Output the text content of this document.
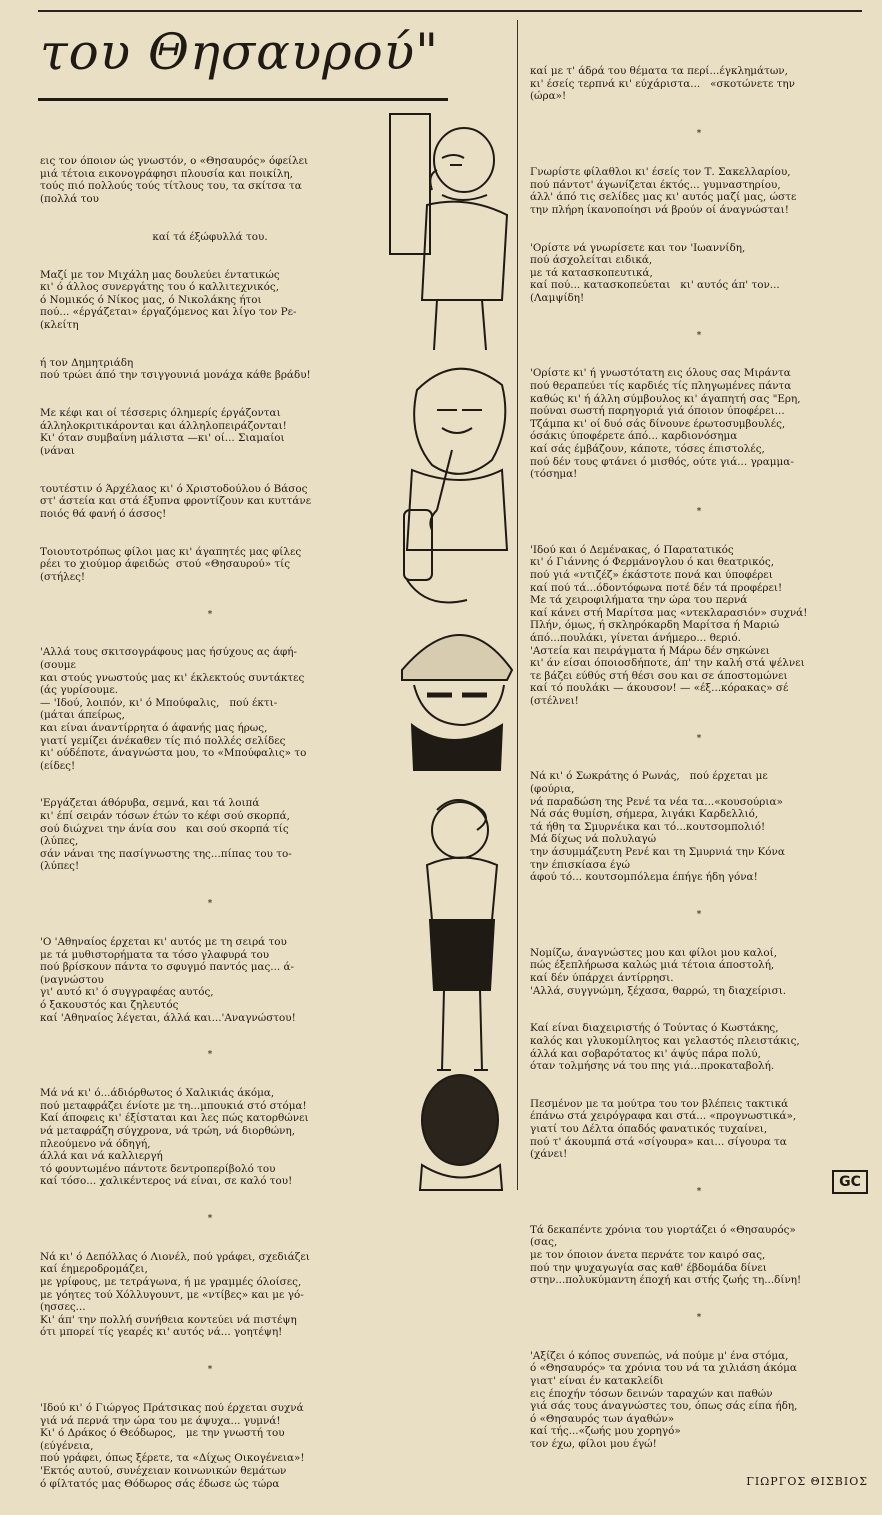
του Θησαυρού"

εις τον όποιον ώς γνωστόν, ο «Θησαυρός» όφείλει
μιά τέτοια εικονογράφησι πλουσία και ποικίλη,
τούς πιό πολλούς τούς τίτλους του, τα σκίτσα τα
(πολλά του

καί τά έξώφυλλά του.

Μαζί με τον Μιχάλη μας δουλεύει έντατικώς
κι' ό άλλος συνεργάτης του ό καλλιτεχνικός,
ό Νομικός ό Νίκος μας, ό Νικολάκης ήτοι
πού... «έργάζεται» έργαζόμενος και λίγο τον Ρε-
(κλείτη

ή τον Δημητριάδη
πού τρώει άπό την τσιγγουνιά μονάχα κάθε βράδυ!

Με κέφι και οί τέσσερις όλημερίς έργάζονται
άλληλοκριτικάρονται και άλληλοπειράζονται!
Κι' όταν συμβαίνη μάλιστα —κι' οί... Σιαμαίοι
(νάναι

τουτέστιν ό Άρχέλαος κι' ό Χριστοδούλου ό Βάσος
στ' άστεία και στά έξυπνα φροντίζουν και κυττάνε
ποιός θά φανή ό άσσος!

Τοιουτοτρόπως φίλοι μας κι' άγαπητές μας φίλες
ρέει το χιούμορ άφειδώς  στού «Θησαυρού» τίς
(στήλες!

*

'Αλλά τους σκιτσογράφους μας ήσύχους ας άφή-
(σουμε
και στούς γνωστούς μας κι' έκλεκτούς συντάκτες
(άς γυρίσουμε.
— 'Ιδού, λοιπόν, κι' ό Μπούφαλις,   πού έκτι-
(μάται άπείρως,
και είναι άναντίρρητα ό άφανής μας ήρως,
γιατί γεμίζει άνέκαθεν τίς πιό πολλές σελίδες
κι' ούδέποτε, άναγνώστα μου, το «Μπούφαλις» το
(είδες!

'Εργάζεται άθόρυβα, σεμνά, και τά λοιπά
κι' έπί σειράν τόσων έτών το κέφι σού σκορπά,
σού διώχνει την άνία σου   και σού σκορπά τίς
(λύπες,
σάν νάναι της πασίγνωστης της...πίπας του το-
(λύπες!

*

'Ο 'Αθηναίος έρχεται κι' αυτός με τη σειρά του
με τά μυθιστορήματα τα τόσο γλαφυρά του
πού βρίσκουν πάντα το σφυγμό παντός μας... ά-
(ναγνώστου
γι' αυτό κι' ό συγγραφέας αυτός,
ό ξακουστός και ζηλευτός
καί 'Αθηναίος λέγεται, άλλά και...'Αναγνώστου!

*

Μά νά κι' ό...άδιόρθωτος ό Χαλικιάς άκόμα,
πού μεταφράζει ένίοτε με τη...μπουκιά στό στόμα!
Καί άποφεις κι' έξίσταται και λες πώς κατορθώνει
νά μεταφράζη σύγχρονα, νά τρώη, νά διορθώνη,
πλεούμενο νά όδηγή,
άλλά και νά καλλιεργή
τό φουντωμένο πάντοτε δεντροπερίβολό του
καί τόσο... χαλικέντερος νά είναι, σε καλό του!

*

Νά κι' ό Δεπόλλας ό Λιονέλ, πού γράφει, σχεδιάζει
καί έημεροδρομάζει,
με γρίφους, με τετράγωνα, ή με γραμμές όλοίσες,
με γόητες τού Χόλλυγουντ, με «ντίβες» και με γό-
(ησσες...
Κι' άπ' την πολλή συνήθεια κοντεύει νά πιστέψη
ότι μπορεί τίς γεαρές κι' αυτός νά... γοητέψη!

*

'Ιδού κι' ό Γιώργος Πράτσικας πού έρχεται συχνά
γιά νά περνά την ώρα του με άψυχα... γυμνά!
Κι' ό Δράκος ό Θεόδωρος,   με την γνωστή του
(εύγένεια,
πού γράφει, όπως ξέρετε, τα «Δίχως Οικογένεια»!
'Εκτός αυτού, συνέχειαν κοινωνικών θεμάτων
ό φίλτατός μας Θόδωρος σάς έδωσε ώς τώρα

καί με τ' άδρά του θέματα τα περί...έγκλημάτων,
κι' έσείς τερπνά κι' εύχάριστα...   «σκοτώνετε την
(ώρα»!

*

Γνωρίστε φίλαθλοι κι' έσείς τον Τ. Σακελλαρίου,
πού πάντοτ' άγωνίζεται έκτός... γυμναστηρίου,
άλλ' άπό τις σελίδες μας κι' αυτός μαζί μας, ώστε
την πλήρη ίκανοποίησι νά βρούν οί άναγνώσται!

'Ορίστε νά γνωρίσετε και τον 'Ιωαννίδη,
πού άσχολείται ειδικά,
με τά κατασκοπευτικά,
καί πού... κατασκοπεύεται   κι' αυτός άπ' τον...
(Λαμψίδη!

*

'Ορίστε κι' ή γνωστότατη εις όλους σας Μιράντα
πού θεραπεύει τίς καρδιές τίς πληγωμένες πάντα
καθώς κι' ή άλλη σύμβουλος κι' άγαπητή σας "Ερη,
πούναι σωστή παρηγοριά γιά όποιον ύποφέρει...
Τζάμπα κι' οί δυό σάς δίνουνε έρωτοσυμβουλές,
όσάκις ύποφέρετε άπό... καρδιονόσημα
καί σάς έμβάζουν, κάποτε, τόσες έπιστολές,
πού δέν τους φτάνει ό μισθός, ούτε γιά... γραμμα-
(τόσημα!

*

'Ιδού και ό Δεμένακας, ό Παρατατικός
κι' ό Γιάννης ό Φερμάνογλου ό και θεατρικός,
πού γιά «ντιζέζ» έκάστοτε πονά και ύποφέρει
καί πού τά...όδοντόφωνα ποτέ δέν τά προφέρει!
Με τά χειροφιλήματα την ώρα του περνά
καί κάνει στή Μαρίτσα μας «ντεκλαρασιόν» συχνά!
Πλήν, όμως, ή σκληρόκαρδη Μαρίτσα ή Μαριώ
άπό...πουλάκι, γίνεται άνήμερο... θεριό.
'Αστεία και πειράγματα ή Μάρω δέν σηκώνει
κι' άν είσαι όποιοσδήποτε, άπ' την καλή στά ψέλνει
τε βάζει εύθύς στή θέσι σου και σε άποστομώνει
καί τό πουλάκι — άκουσον! — «έξ...κόρακας» σέ
(στέλνει!

*

Νά κι' ό Σωκράτης ό Ρωνάς,   πού έρχεται με
(φούρια,
νά παραδώση της Ρενέ τα νέα τα...«κουσούρια»
Νά σάς θυμίση, σήμερα, λιγάκι Καρδελλιό,
τά ήθη τα Σμυρνέικα και τό...κουτσομπολιό!
Μά δίχως νά πολυλαγώ
την άσυμμάζευτη Ρενέ και τη Σμυρνιά την Κόνα
την έπισκίασα έγώ
άφού τό... κουτσομπόλεμα έπήγε ήδη γόνα!

*

Νομίζω, άναγνώστες μου και φίλοι μου καλοί,
πώς έξεπλήρωσα καλώς μιά τέτοια άποστολή,
καί δέν ύπάρχει άντίρρησι.
'Αλλά, συγγνώμη, ξέχασα, θαρρώ, τη διαχείρισι.

Καί είναι διαχειριστής ό Τούντας ό Κωστάκης,
καλός και γλυκομίλητος και γελαστός πλειστάκις,
άλλά και σοβαρότατος κι' άψύς πάρα πολύ,
όταν τολμήσης νά του πης γιά...προκαταβολή.

Πεσμένον με τα μούτρα του τον βλέπεις τακτικά
έπάνω στά χειρόγραφα και στά... «προγνωστικά»,
γιατί του Δέλτα όπαδός φανατικός τυχαίνει,
πού τ' άκουμπά στά «σίγουρα» και... σίγουρα τα
(χάνει!

*

Τά δεκαπέντε χρόνια του γιορτάζει ό «Θησαυρός»
(σας,
με τον όποιον άνετα περνάτε τον καιρό σας,
πού την ψυχαγωγία σας καθ' έβδομάδα δίνει
στην...πολυκύμαντη έποχή και στής ζωής τη...δίνη!

*

'Αξίζει ό κόπος συνεπώς, νά πούμε μ' ένα στόμα,
ό «Θησαυρός» τα χρόνια του νά τα χιλιάση άκόμα
γιατ' είναι έν κατακλείδι
εις έποχήν τόσων δεινών ταραχών και παθών
γιά σάς τους άναγνώστες του, όπως σάς είπα ήδη,
ό «Θησαυρός των άγαθών»
καί τής...«ζωής μου χορηγό»
τον έχω, φίλοι μου έγώ!

ΓΙΩΡΓΟΣ ΘΙΣΒΙΟΣ

GC
